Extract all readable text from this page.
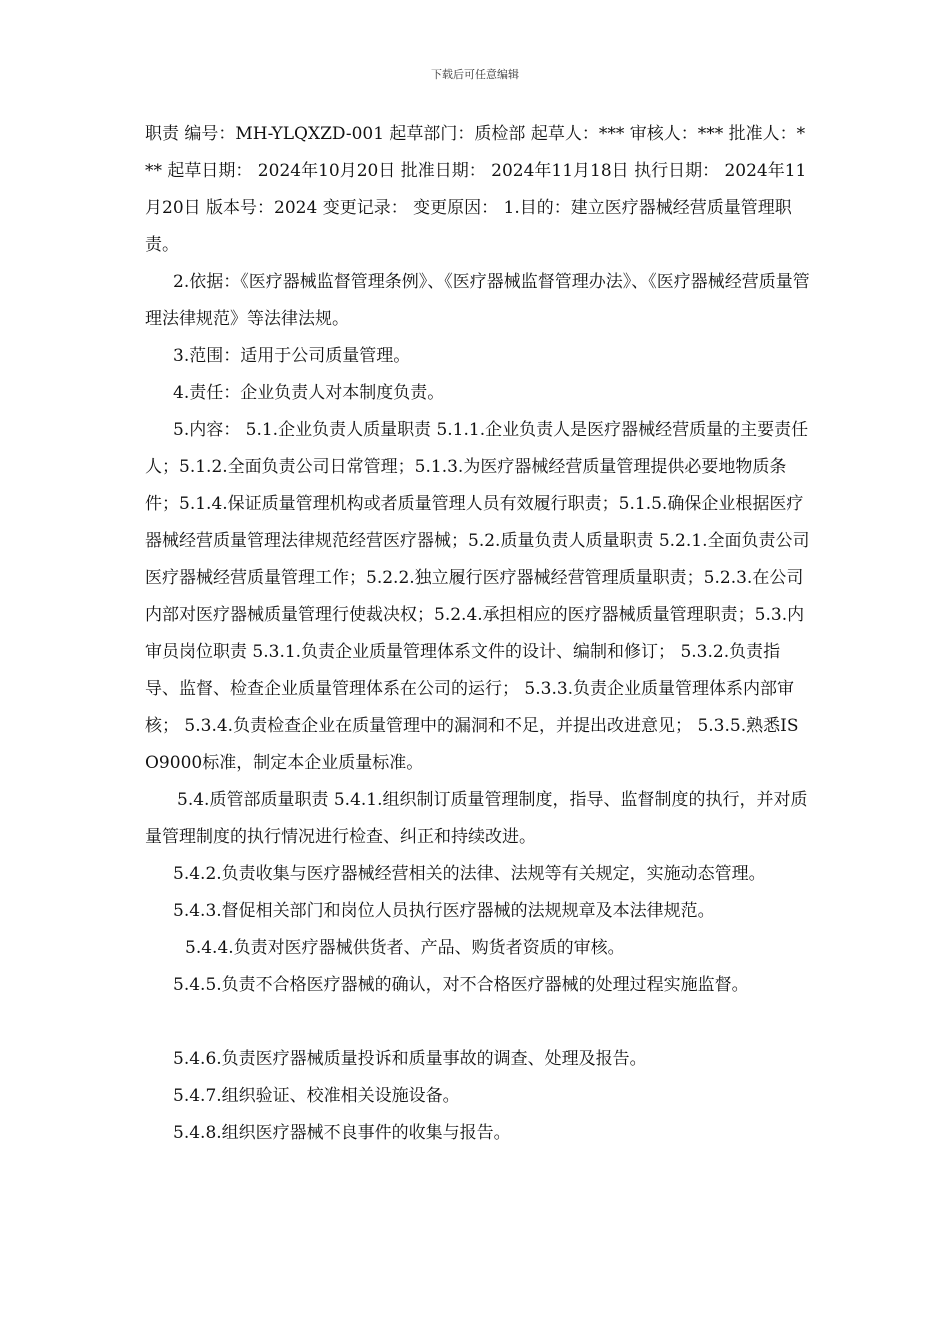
下载后可任意编辑

职责 编号：MH-YLQXZD-001 起草部门：质检部 起草人：*** 审核人：*** 批准人：*** 起草日期： 2024年10月20日 批准日期： 2024年11月18日 执行日期： 2024年11月20日 版本号：2024 变更记录： 变更原因： 1.目的：建立医疗器械经营质量管理职责。

2.依据：《医疗器械监督管理条例》、《医疗器械监督管理办法》、《医疗器械经营质量管理法律规范》等法律法规。

3.范围：适用于公司质量管理。

4.责任：企业负责人对本制度负责。

5.内容： 5.1.企业负责人质量职责 5.1.1.企业负责人是医疗器械经营质量的主要责任人；5.1.2.全面负责公司日常管理；5.1.3.为医疗器械经营质量管理提供必要地物质条件；5.1.4.保证质量管理机构或者质量管理人员有效履行职责；5.1.5.确保企业根据医疗器械经营质量管理法律规范经营医疗器械；5.2.质量负责人质量职责 5.2.1.全面负责公司医疗器械经营质量管理工作；5.2.2.独立履行医疗器械经营管理质量职责；5.2.3.在公司内部对医疗器械质量管理行使裁决权；5.2.4.承担相应的医疗器械质量管理职责；5.3.内审员岗位职责 5.3.1.负责企业质量管理体系文件的设计、编制和修订； 5.3.2.负责指导、监督、检查企业质量管理体系在公司的运行； 5.3.3.负责企业质量管理体系内部审核； 5.3.4.负责检查企业在质量管理中的漏洞和不足，并提出改进意见； 5.3.5.熟悉ISO9000标准，制定本企业质量标准。

5.4.质管部质量职责 5.4.1.组织制订质量管理制度，指导、监督制度的执行，并对质量管理制度的执行情况进行检查、纠正和持续改进。

5.4.2.负责收集与医疗器械经营相关的法律、法规等有关规定，实施动态管理。

5.4.3.督促相关部门和岗位人员执行医疗器械的法规规章及本法律规范。

5.4.4.负责对医疗器械供货者、产品、购货者资质的审核。

5.4.5.负责不合格医疗器械的确认，对不合格医疗器械的处理过程实施监督。

5.4.6.负责医疗器械质量投诉和质量事故的调查、处理及报告。

5.4.7.组织验证、校准相关设施设备。

5.4.8.组织医疗器械不良事件的收集与报告。
